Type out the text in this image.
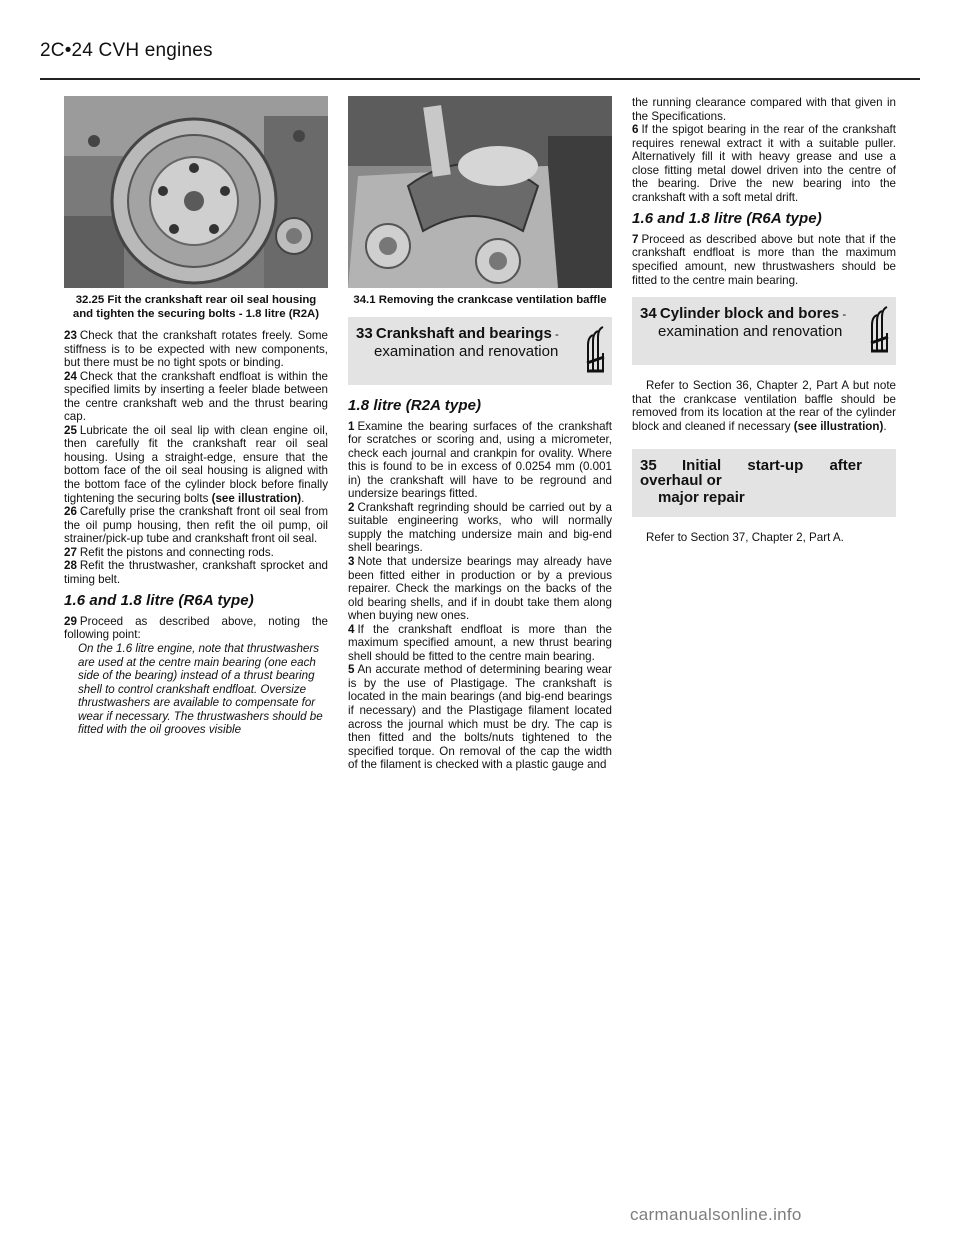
2C•24 CVH engines
32.25 Fit the crankshaft rear oil seal housing and tighten the securing bolts - 1.8 litre (R2A)

23 Check that the crankshaft rotates freely. Some stiffness is to be expected with new components, but there must be no tight spots or binding.

24 Check that the crankshaft endfloat is within the specified limits by inserting a feeler blade between the centre crankshaft web and the thrust bearing cap.

25 Lubricate the oil seal lip with clean engine oil, then carefully fit the crankshaft rear oil seal housing. Using a straight-edge, ensure that the bottom face of the oil seal housing is aligned with the bottom face of the cylinder block before finally tightening the securing bolts (see illustration).

26 Carefully prise the crankshaft front oil seal from the oil pump housing, then refit the oil pump, oil strainer/pick-up tube and crankshaft front oil seal.

27 Refit the pistons and connecting rods.

28 Refit the thrustwasher, crankshaft sprocket and timing belt.

1.6 and 1.8 litre (R6A type)

29 Proceed as described above, noting the following point:

On the 1.6 litre engine, note that thrustwashers are used at the centre main bearing (one each side of the bearing) instead of a thrust bearing shell to control crankshaft endfloat. Oversize thrustwashers are available to compensate for wear if necessary. The thrustwashers should be fitted with the oil grooves visible

34.1 Removing the crankcase ventilation baffle
33 Crankshaft and bearings -
examination and renovation
1.8 litre (R2A type)

1 Examine the bearing surfaces of the crankshaft for scratches or scoring and, using a micrometer, check each journal and crankpin for ovality. Where this is found to be in excess of 0.0254 mm (0.001 in) the crankshaft will have to be reground and undersize bearings fitted.

2 Crankshaft regrinding should be carried out by a suitable engineering works, who will normally supply the matching undersize main and big-end shell bearings.

3 Note that undersize bearings may already have been fitted either in production or by a previous repairer. Check the markings on the backs of the old bearing shells, and if in doubt take them along when buying new ones.

4 If the crankshaft endfloat is more than the maximum specified amount, a new thrust bearing shell should be fitted to the centre main bearing.

5 An accurate method of determining bearing wear is by the use of Plastigage. The crankshaft is located in the main bearings (and big-end bearings if necessary) and the Plastigage filament located across the journal which must be dry. The cap is then fitted and the bolts/nuts tightened to the specified torque. On removal of the cap the width of the filament is checked with a plastic gauge and

the running clearance compared with that given in the Specifications.

6 If the spigot bearing in the rear of the crankshaft requires renewal extract it with a suitable puller. Alternatively fill it with heavy grease and use a close fitting metal dowel driven into the centre of the bearing. Drive the new bearing into the crankshaft with a soft metal drift.

1.6 and 1.8 litre (R6A type)

7 Proceed as described above but note that if the crankshaft endfloat is more than the maximum specified amount, new thrustwashers should be fitted to the centre main bearing.

34 Cylinder block and bores -
examination and renovation

Refer to Section 36, Chapter 2, Part A but note that the crankcase ventilation baffle should be removed from its location at the rear of the cylinder block and cleaned if necessary (see illustration).

35 Initial start-up after overhaul or
major repair

Refer to Section 37, Chapter 2, Part A.

carmanualsonline.info
